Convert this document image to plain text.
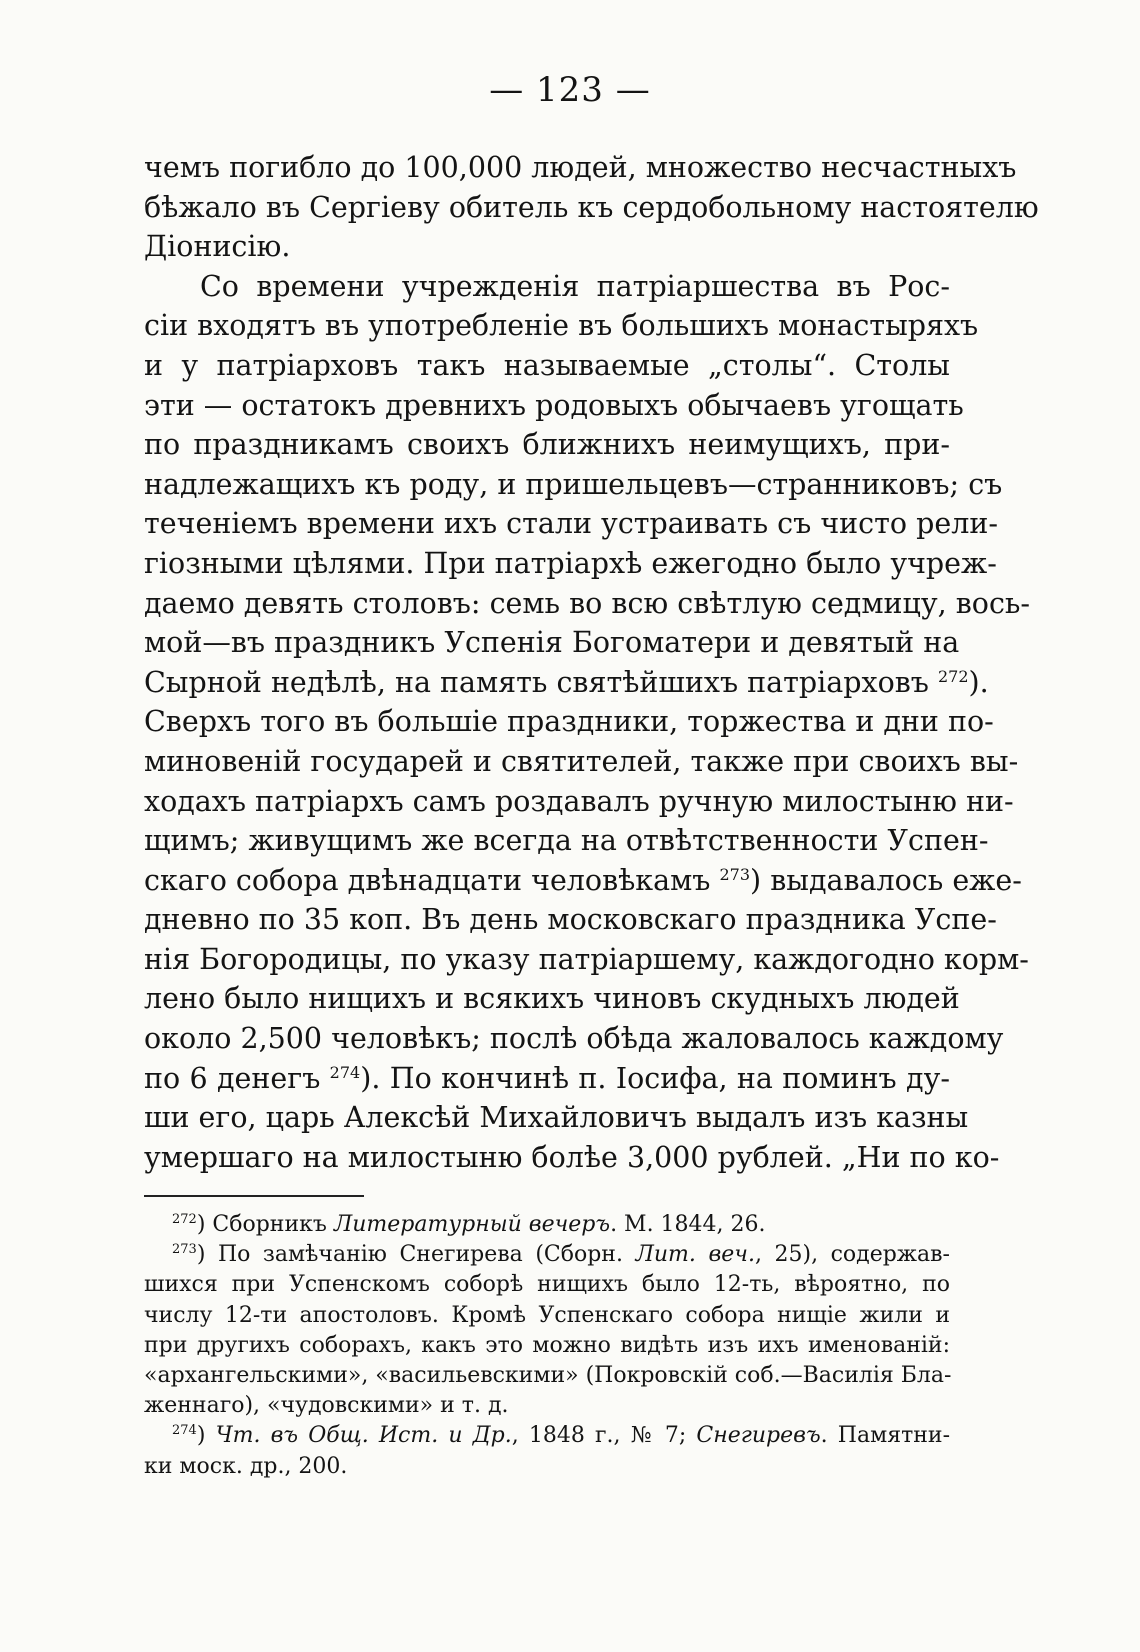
— 123 —
чемъ погибло до 100,000 людей, множество несчастныхъ
бѣжало въ Сергіеву обитель къ сердобольному настоятелю
Діонисію.
Со времени учрежденія патріаршества въ Рос-
сіи входятъ въ употребленіе въ большихъ монастыряхъ
и у патріарховъ такъ называемые „столы“. Столы
эти — остатокъ древнихъ родовыхъ обычаевъ угощать
по праздникамъ своихъ ближнихъ неимущихъ, при-
надлежащихъ къ роду, и пришельцевъ—странниковъ; съ
теченіемъ времени ихъ стали устраивать съ чисто рели-
гіозными цѣлями. При патріархѣ ежегодно было учреж-
даемо девять столовъ: семь во всю свѣтлую седмицу, вось-
мой—въ праздникъ Успенія Богоматери и девятый на
Сырной недѣлѣ, на память святѣйшихъ патріарховъ $^{272}$).
Сверхъ того въ большіе праздники, торжества и дни по-
миновеній государей и святителей, также при своихъ вы-
ходахъ патріархъ самъ роздавалъ ручную милостыню ни-
щимъ; живущимъ же всегда на отвѣтственности Успен-
скаго собора двѣнадцати человѣкамъ $^{273}$) выдавалось еже-
дневно по 35 коп. Въ день московскаго праздника Успе-
нія Богородицы, по указу патріаршему, каждогодно корм-
лено было нищихъ и всякихъ чиновъ скудныхъ людей
около 2,500 человѣкъ; послѣ обѣда жаловалось каждому
по 6 денегъ $^{274}$). По кончинѣ п. Іосифа, на поминъ ду-
ши его, царь Алексѣй Михайловичъ выдалъ изъ казны
умершаго на милостыню болѣе 3,000 рублей. „Ни по ко-
$^{272}$) Сборникъ Литературный вечеръ. М. 1844, 26.
$^{273}$) По замѣчанію Снегирева (Сборн. Лит. веч., 25), содержав-
шихся при Успенскомъ соборѣ нищихъ было 12-ть, вѣроятно, по
числу 12-ти апостоловъ. Кромѣ Успенскаго собора нищіе жили и
при другихъ соборахъ, какъ это можно видѣть изъ ихъ именованій:
«архангельскими», «васильевскими» (Покровскій соб.—Василія Бла-
женнаго), «чудовскими» и т. д.
$^{274}$) Чт. въ Общ. Ист. и Др., 1848 г., № 7; Снегиревъ. Памятни-
ки моск. др., 200.
